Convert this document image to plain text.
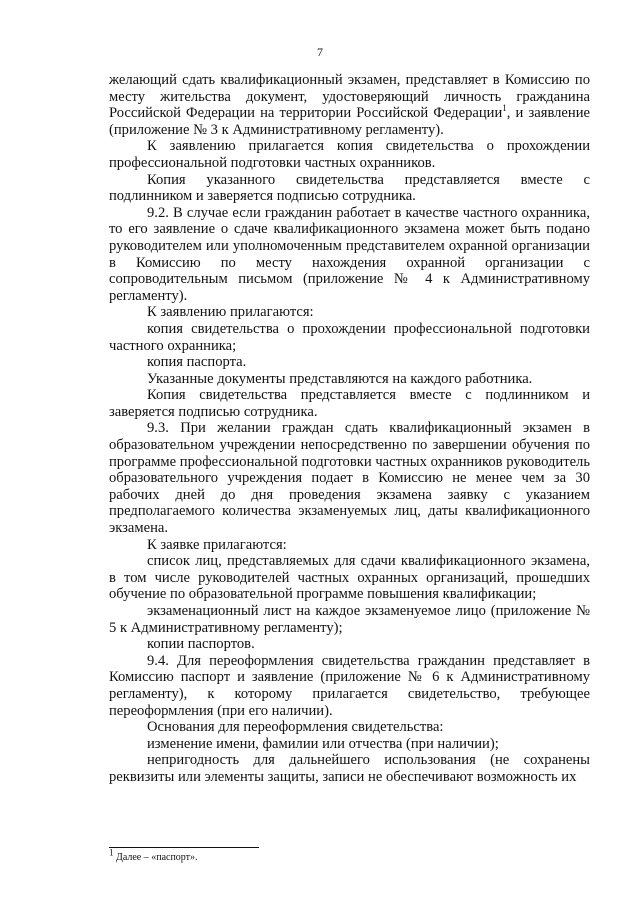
7

желающий сдать квалификационный экзамен, представляет в Комиссию по месту жительства документ, удостоверяющий личность гражданина Российской Федерации на территории Российской Федерации$^1$, и заявление (приложение № 3 к Административному регламенту).

К заявлению прилагается копия свидетельства о прохождении профессиональной подготовки частных охранников.

Копия указанного свидетельства представляется вместе с подлинником и заверяется подписью сотрудника.

9.2. В случае если гражданин работает в качестве частного охранника, то его заявление о сдаче квалификационного экзамена может быть подано руководителем или уполномоченным представителем охранной организации в Комиссию по месту нахождения охранной организации с сопроводительным письмом (приложение № 4 к Административному регламенту).

К заявлению прилагаются:

копия свидетельства о прохождении профессиональной подготовки частного охранника;

копия паспорта.

Указанные документы представляются на каждого работника.

Копия свидетельства представляется вместе с подлинником и заверяется подписью сотрудника.

9.3. При желании граждан сдать квалификационный экзамен в образовательном учреждении непосредственно по завершении обучения по программе профессиональной подготовки частных охранников руководитель образовательного учреждения подает в Комиссию не менее чем за 30 рабочих дней до дня проведения экзамена заявку с указанием предполагаемого количества экзаменуемых лиц, даты квалификационного экзамена.

К заявке прилагаются:

список лиц, представляемых для сдачи квалификационного экзамена, в том числе руководителей частных охранных организаций, прошедших обучение по образовательной программе повышения квалификации;

экзаменационный лист на каждое экзаменуемое лицо (приложение № 5 к Административному регламенту);

копии паспортов.

9.4. Для переоформления свидетельства гражданин представляет в Комиссию паспорт и заявление (приложение № 6 к Административному регламенту), к которому прилагается свидетельство, требующее переоформления (при его наличии).

Основания для переоформления свидетельства:

изменение имени, фамилии или отчества (при наличии);

непригодность для дальнейшего использования (не сохранены реквизиты или элементы защиты, записи не обеспечивают возможность их

$^1$ Далее – «паспорт».
